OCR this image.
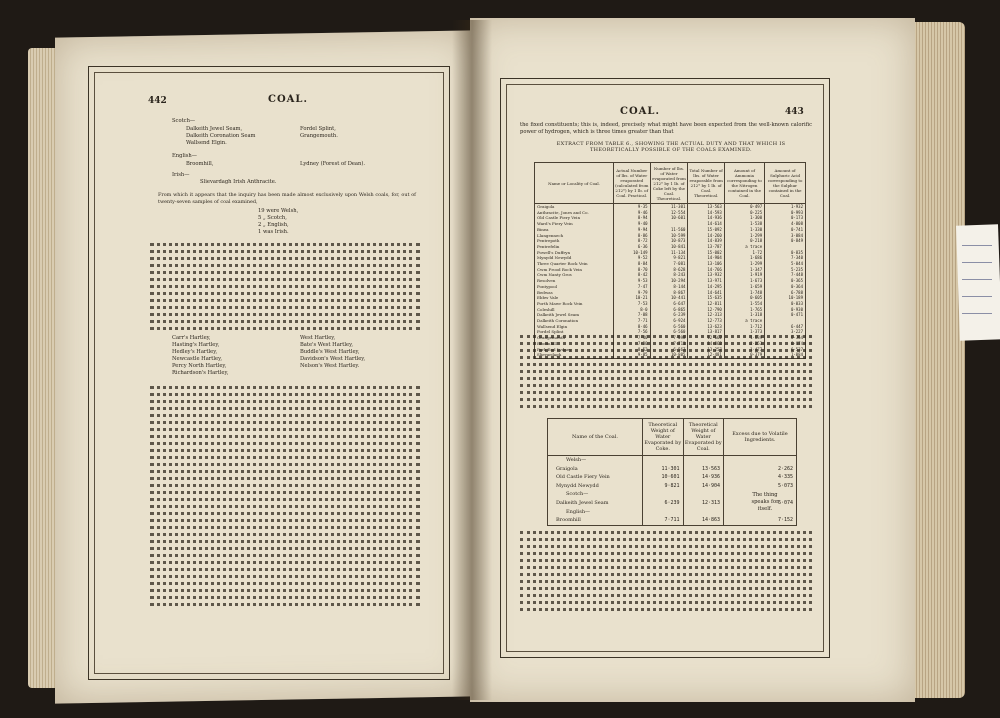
442	COAL.
Scotch—
Dalkeith Jewel Seam,
Dalkeith Coronation Seam
Wallsend Elgin.
Fordel Splint,
Grangemouth.
English—
Broomhill,	Lydney (Forest of Dean).
Irish—
Slievardagh Irish Anthracite.
From which it appears that the inquiry has been made almost exclusively upon Welsh coals, for, out of twenty-seven samples of coal examined,
19 were Welsh,
5 „ Scotch,
2 „ English,
1 was Irish.
Carr's Hartley,
Hasting's Hartley,
Hedley's Hartley,
Newcastle Hartley,
Percy North Hartley,
Richardson's Hartley,
West Hartley,
Bate's West Hartley,
Buddle's West Hartley,
Davidson's West Hartley,
Nelson's West Hartley.
COAL.	443
the fixed constituents; this is, indeed, precisely what might have been expected from the well-known calorific power of hydrogen, which is three times greater than that
EXTRACT FROM TABLE 6., SHOWING THE ACTUAL DUTY AND THAT WHICH IS THEORETICALLY POSSIBLE OF THE COALS EXAMINED.
Name or Locality of Coal.	Actual Number of lbs. of Water evaporated (calculated from 212°) by 1 lb. of Coal. Practical.	Number of lbs. of Water evaporated from 212° by 1 lb. of Coke left by the Coal. Theoretical.	Total Number of lbs. of Water evaporable from 212° by 1 lb. of Coal. Theoretical.	Amount of Ammonia corresponding to the Nitrogen contained in the Coal.	Amount of Sulphuric Acid corresponding to the Sulphur contained in the Coal.
Graigola	9·35	11·301	13·563	0·497	1·932
Anthracite, Jones and Co.	9·46	12·554	14·593	0·225	0·993
Old Castle Fiery Vein	8·94	10·601	14·936	1·300	0·173
Ward's Fiery Vein	9·40		14·614	1·538	4·808
Binea	9·94	11·560	15·092	1·330	0·741
Llangennech	8·86	10·599	14·260	1·299	3·084
Pentrepoth	8·72	10·873	14·839	0·218	0·849
Pentrefelin	6·36	10·841	13·787	a trace	
Powell's Duffryn	10·149	11·134	15·002	1·72	0·835
Mynydd Newydd	9·52	9·821	14·904	1·686	7·340
Three Quarter Rock Vein	8·84	7·081	13·106	1·299	5·044
Cwm Frood Rock Vein	8·70	8·628	14·766	1·347	5·235
Cwm Nanty Gros	8·42	8·243	13·932	1·919	7·448
Resolven	9·53	10·294	13·971	1·673	0·365
Pontypool	7·47	8·144	14·295	1·659	0·364
Bedwas	9·79	8·867	14·641	1·748	6·788
Ebbw Vale	10·21	10·441	15·635	0·605	10·189
Porth Mawr Rock Vein	7·53	6·647	12·811	1·554	0·033
Coleshill	8·0	6·865	12·790	1·765	0·930
Dalkeith Jewel Seam	7·08	6·239	12·313	1·318	0·471
Dalkeith Coronation	7·71	6·924	12·773	a trace	
Wallsend Elgin	8·46	6·560	13·623	1·712	6·447
Fordel Splint	7·56	6·560	13·817	1·373	3·227
Grangemouth	7·40	7·098	12·662	1·639	6·364
Broomhill	7·30	7·711	14·862	2·253	6·674
Park End Lydney	8·52	6·567	13·257	1·477	6·537
Slievardagh	9·85	10·805	12·481	0·379	1·084
Name of the Coal.	Theoretical Weight of Water Evaporated by Coke.	Theoretical Weight of Water Evaporated by Coal.	Excess due to Volatile Ingredients.
Welsh—			
Graigola	11·301	13·563	2·262
Old Castle Fiery Vein	10·601	14·936	4·335
Mynydd Newydd	9·821	14·904	5·073
Scotch—			
Dalkeith Jewel Seam	6·239	12·313	6·074
English—			
Broomhill	7·711	14·863	7·152
The thing speaks for itself.
